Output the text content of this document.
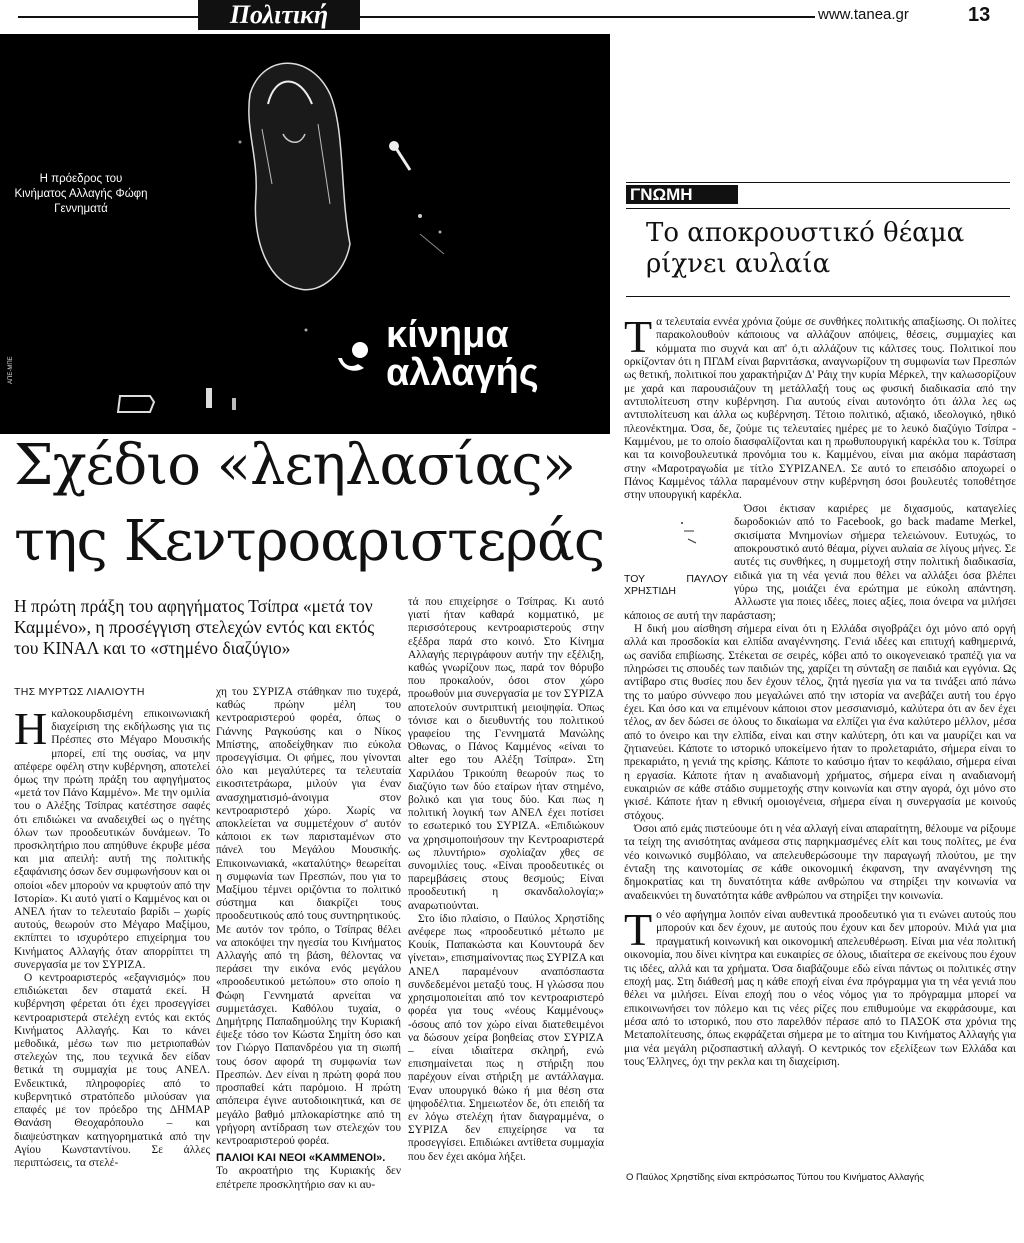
Πολιτική	www.tanea.gr	13
Η πρόεδρος του Κινήματος Αλλαγής Φώφη Γεννηματά
ΑΠΕ-ΜΠΕ
κίνημα
αλλαγής
Σχέδιο «λεηλασίας»
της Κεντροαριστεράς
Η πρώτη πράξη του αφηγήματος Τσίπρα «μετά τον Καμμένο», η προσέγγιση στελεχών εντός και εκτός του ΚΙΝΑΛ και το «στημένο διαζύγιο»
ΤΗΣ ΜΥΡΤΩΣ ΛΙΑΛΙΟΥΤΗ

Ηκαλοκουρδισμένη επικοινωνιακή διαχείριση της εκδήλωσης για τις Πρέσπες στο Μέγαρο Μουσικής μπορεί, επί της ουσίας, να μην απέφερε οφέλη στην κυβέρνηση, αποτελεί όμως την πρώτη πράξη του αφηγήματος «μετά τον Πάνο Καμμένο». Με την ομιλία του ο Αλέξης Τσίπρας κατέστησε σαφές ότι επιδιώκει να αναδειχθεί ως ο ηγέτης όλων των προοδευτικών δυνάμεων. Το προσκλητήριο που απηύθυνε έκρυβε μέσα και μια απειλή: αυτή της πολιτικής εξαφάνισης όσων δεν συμφωνήσουν και οι οποίοι «δεν μπορούν να κρυφτούν από την Ιστορία». Κι αυτό γιατί ο Καμμένος και οι ΑΝΕΛ ήταν το τελευταίο βαρίδι – χωρίς αυτούς, θεωρούν στο Μέγαρο Μαξίμου, εκπίπτει το ισχυρότερο επιχείρημα του Κινήματος Αλλαγής όταν απορρίπτει τη συνεργασία με τον ΣΥΡΙΖΑ.

Ο κεντροαριστερός «εξαγνισμός» που επιδιώκεται δεν σταματά εκεί. Η κυβέρνηση φέρεται ότι έχει προσεγγίσει κεντροαριστερά στελέχη εντός και εκτός Κινήματος Αλλαγής. Και το κάνει μεθοδικά, μέσω των πιο μετριοπαθών στελεχών της, που τεχνικά δεν είδαν θετικά τη συμμαχία με τους ΑΝΕΛ. Ενδεικτικά, πληροφορίες από το κυβερνητικό στρατόπεδο μιλούσαν για επαφές με τον πρόεδρο της ΔΗΜΑΡ Θανάση Θεοχαρόπουλο – και διαψεύστηκαν κατηγορηματικά από την Αγίου Κωνσταντίνου. Σε άλλες περιπτώσεις, τα στελέ-

χη του ΣΥΡΙΖΑ στάθηκαν πιο τυχερά, καθώς πρώην μέλη του κεντροαριστερού φορέα, όπως ο Γιάννης Ραγκούσης και ο Νίκος Μπίστης, αποδείχθηκαν πιο εύκολα προσεγγίσιμα. Οι φήμες, που γίνονται όλο και μεγαλύτερες τα τελευταία εικοσιτετράωρα, μιλούν για έναν ανασχηματισμό-άνοιγμα στον κεντροαριστερό χώρο. Χωρίς να αποκλείεται να συμμετέχουν σ' αυτόν κάποιοι εκ των παρισταμένων στο πάνελ του Μεγάλου Μουσικής. Επικοινωνιακά, «καταλύτης» θεωρείται η συμφωνία των Πρεσπών, που για το Μαξίμου τέμνει οριζόντια το πολιτικό σύστημα και διακρίζει τους προοδευτικούς από τους συντηρητικούς. Με αυτόν τον τρόπο, ο Τσίπρας θέλει να αποκόψει την ηγεσία του Κινήματος Αλλαγής από τη βάση, θέλοντας να περάσει την εικόνα ενός μεγάλου «προοδευτικού μετώπου» στο οποίο η Φώφη Γεννηματά αρνείται να συμμετάσχει. Καθόλου τυχαία, ο Δημήτρης Παπαδημούλης την Κυριακή έψεξε τόσο τον Κώστα Σημίτη όσο και τον Γιώργο Παπανδρέου για τη σιωπή τους όσον αφορά τη συμφωνία των Πρεσπών. Δεν είναι η πρώτη φορά που προσπαθεί κάτι παρόμοιο. Η πρώτη απόπειρα έγινε αυτοδιοικητικά, και σε μεγάλο βαθμό μπλοκαρίστηκε από τη γρήγορη αντίδραση των στελεχών του κεντροαριστερού φορέα.

ΠΑΛΙΟΙ ΚΑΙ ΝΕΟΙ «ΚΑΜΜΕΝΟΙ».

Το ακροατήριο της Κυριακής δεν επέτρεπε προσκλητήριο σαν κι αυ-

τά που επιχείρησε ο Τσίπρας. Κι αυτό γιατί ήταν καθαρά κομματικό, με περισσότερους κεντροαριστερούς στην εξέδρα παρά στο κοινό. Στο Κίνημα Αλλαγής περιγράφουν αυτήν την εξέλιξη, καθώς γνωρίζουν πως, παρά τον θόρυβο που προκαλούν, όσοι στον χώρο προωθούν μια συνεργασία με τον ΣΥΡΙΖΑ αποτελούν συντριπτική μειοψηφία. Όπως τόνισε και ο διευθυντής του πολιτικού γραφείου της Γεννηματά Μανώλης Όθωνας, ο Πάνος Καμμένος «είναι το alter ego του Αλέξη Τσίπρα». Στη Χαριλάου Τρικούπη θεωρούν πως το διαζύγιο των δύο εταίρων ήταν στημένο, βολικό και για τους δύο. Και πως η πολιτική λογική των ΑΝΕΛ έχει ποτίσει το εσωτερικό του ΣΥΡΙΖΑ. «Επιδιώκουν να χρησιμοποιήσουν την Κεντροαριστερά ως πλυντήριο» σχολίαζαν χθες σε συνομιλίες τους. «Είναι προοδευτικές οι παρεμβάσεις στους θεσμούς; Είναι προοδευτική η σκανδαλολογία;» αναρωτιούνται.

Στο ίδιο πλαίσιο, ο Παύλος Χρηστίδης ανέφερε πως «προοδευτικό μέτωπο με Κουίκ, Παπακώστα και Κουντουρά δεν γίνεται», επισημαίνοντας πως ΣΥΡΙΖΑ και ΑΝΕΛ παραμένουν αναπόσπαστα συνδεδεμένοι μεταξύ τους. Η γλώσσα που χρησιμοποιείται από τον κεντροαριστερό φορέα για τους «νέους Καμμένους» -όσους από τον χώρο είναι διατεθειμένοι να δώσουν χείρα βοηθείας στον ΣΥΡΙΖΑ – είναι ιδιαίτερα σκληρή, ενώ επισημαίνεται πως η στήριξη που παρέχουν είναι στήριξη με αντάλλαγμα. Έναν υπουργικό θώκο ή μια θέση στα ψηφοδέλτια. Σημειωτέον δε, ότι επειδή τα εν λόγω στελέχη ήταν διαγραμμένα, ο ΣΥΡΙΖΑ δεν επιχείρησε να τα προσεγγίσει. Επιδιώκει αντίθετα συμμαχία που δεν έχει ακόμα λήξει.

ΓΝΩΜΗ
Το αποκρουστικό θέαμα ρίχνει αυλαία

Τα τελευταία εννέα χρόνια ζούμε σε συνθήκες πολιτικής απαξίωσης. Οι πολίτες παρακολουθούν κάποιους να αλλάζουν απόψεις, θέσεις, συμμαχίες και κόμματα πιο συχνά και απ' ό,τι αλλάζουν τις κάλτσες τους. Πολιτικοί που ορκίζονταν ότι η ΠΓΔΜ είναι βαρνιτάσκα, αναγνωρίζουν τη συμφωνία των Πρεσπών ως θετική, πολιτικοί που χαρακτήριζαν Δ' Ράιχ την κυρία Μέρκελ, την καλωσορίζουν με χαρά και παρουσιάζουν τη μετάλλαξή τους ως φυσική διαδικασία από την αντιπολίτευση στην κυβέρνηση. Για αυτούς είναι αυτονόητο ότι άλλα λες ως αντιπολίτευση και άλλα ως κυβέρνηση. Τέτοιο πολιτικό, αξιακό, ιδεολογικό, ηθικό πλεονέκτημα. Όσα, δε, ζούμε τις τελευταίες ημέρες με το λευκό διαζύγιο Τσίπρα - Καμμένου, με το οποίο διασφαλίζονται και η πρωθυπουργική καρέκλα του κ. Τσίπρα και τα κοινοβουλευτικά προνόμια του κ. Καμμένου, είναι μια ακόμα παράσταση στην «Μαροτραγωδία με τίτλο ΣΥΡΙΖΑΝΕΛ. Σε αυτό το επεισόδιο αποχωρεί ο Πάνος Καμμένος τάλλα παραμένουν στην κυβέρνηση όσοι βουλευτές τοποθέτησε στην υπουργική καρέκλα.

ΤΟΥ ΠΑΥΛΟΥ ΧΡΗΣΤΙΔΗ

Όσοι έκτισαν καριέρες με διχασμούς, καταγελίες δωροδοκιών από το Facebook, go back madame Merkel, σκισίματα Μνημονίων σήμερα τελειώνουν. Ευτυχώς, το αποκρουστικό αυτό θέαμα, ρίχνει αυλαία σε λίγους μήνες. Σε αυτές τις συνθήκες, η συμμετοχή στην πολιτική διαδικασία, ειδικά για τη νέα γενιά που θέλει να αλλάξει όσα βλέπει γύρω της, μοιάζει ένα ερώτημα με εύκολη απάντηση. Αλλωστε για ποιες ιδέες, ποιες αξίες, ποια όνειρα να μιλήσει κάποιος σε αυτή την παράσταση;

Η δική μου αίσθηση σήμερα είναι ότι η Ελλάδα σιγοβράζει όχι μόνο από οργή αλλά και προσδοκία και ελπίδα αναγέννησης. Γενιά ιδέες και επιτυχή καθημερινά, ως σανίδα επιβίωσης. Στέκεται σε σειρές, κόβει από το οικογενειακό τραπέζι για να πληρώσει τις σπουδές των παιδιών της, χαρίζει τη σύνταξη σε παιδιά και εγγόνια. Ως αντίβαρο στις θυσίες που δεν έχουν τέλος, ζητά ηγεσία για να τα τινάξει από πάνω της το μαύρο σύννεφο που μεγαλώνει από την ιστορία να ανεβάζει αυτή του έργο έχει. Και όσο και να επιμένουν κάποιοι στον μεσσιανισμό, καλύτερα ότι αν δεν έχει τέλος, αν δεν δώσει σε όλους το δικαίωμα να ελπίζει για ένα καλύτερο μέλλον, μέσα από το όνειρο και την ελπίδα, είναι και στην καλύτερη, ότι και να μαυρίζει και να ζητιανεύει. Κάποτε το ιστορικό υποκείμενο ήταν το προλεταριάτο, σήμερα είναι το πρεκαριάτο, η γενιά της κρίσης. Κάποτε το καύσιμο ήταν το κεφάλαιο, σήμερα είναι η εργασία. Κάποτε ήταν η αναδιανομή χρήματος, σήμερα είναι η αναδιανομή ευκαιριών σε κάθε στάδιο συμμετοχής στην κοινωνία και στην αγορά, όχι μόνο στο γκισέ. Κάποτε ήταν η εθνική ομοιογένεια, σήμερα είναι η συνεργασία με κοινούς στόχους.

Όσοι από εμάς πιστεύουμε ότι η νέα αλλαγή είναι απαραίτητη, θέλουμε να ρίξουμε τα τείχη της ανισότητας ανάμεσα στις παρηκμασμένες ελίτ και τους πολίτες, με ένα νέο κοινωνικό συμβόλαιο, να απελευθερώσουμε την παραγωγή πλούτου, με την ένταξη της καινοτομίας σε κάθε οικονομική έκφανση, την αναγέννηση της δημοκρατίας και τη δυνατότητα κάθε ανθρώπου να στηρίξει την κοινωνία να αναδεικνύει τη δυνατότητα κάθε ανθρώπου να στηρίξει την κοινωνία.

Το νέο αφήγημα λοιπόν είναι αυθεντικά προοδευτικό για τι ενώνει αυτούς που μπορούν και δεν έχουν, με αυτούς που έχουν και δεν μπορούν. Μιλά για μια πραγματική κοινωνική και οικονομική απελευθέρωση. Είναι μια νέα πολιτική οικονομία, που δίνει κίνητρα και ευκαιρίες σε όλους, ιδιαίτερα σε εκείνους που έχουν τις ιδέες, αλλά και τα χρήματα. Όσα διαβάζουμε εδώ είναι πάντως οι πολιτικές στην εποχή μας. Στη διάθεσή μας η κάθε εποχή είναι ένα πρόγραμμα για τη νέα γενιά που θέλει να μιλήσει. Είναι εποχή που ο νέος νόμος για το πρόγραμμα μπορεί να επικοινωνήσει τον πόλεμο και τις νέες ρίζες που επιθυμούμε να εκφράσουμε, και μέσα από το ιστορικό, που στο παρελθόν πέρασε από το ΠΑΣΟΚ στα χρόνια της Μεταπολίτευσης, όπως εκφράζεται σήμερα με το αίτημα του Κινήματος Αλλαγής για μια νέα μεγάλη ριζοσπαστική αλλαγή. Ο κεντρικός τον εξελίξεων των Ελλάδα και τους Έλληνες, όχι την ρεκλα και τη διαχείριση.

Ο Παύλος Χρηστίδης είναι εκπρόσωπος Τύπου του Κινήματος Αλλαγής
